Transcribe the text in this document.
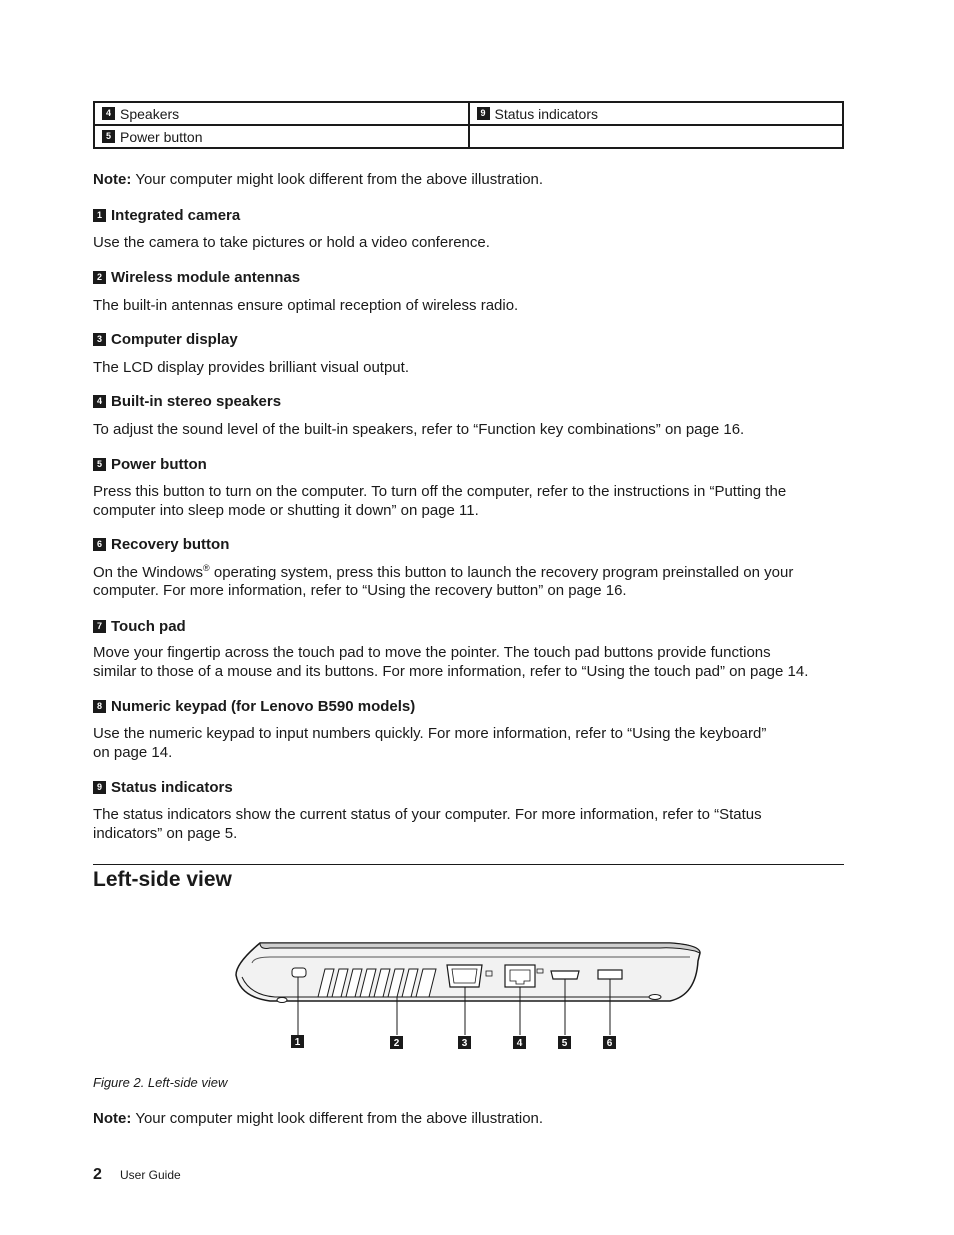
4 Speakers	9 Status indicators
5 Power button	
Note: Your computer might look different from the above illustration.
1 Integrated camera

Use the camera to take pictures or hold a video conference.

2 Wireless module antennas

The built-in antennas ensure optimal reception of wireless radio.

3 Computer display

The LCD display provides brilliant visual output.

4 Built-in stereo speakers

To adjust the sound level of the built-in speakers, refer to “Function key combinations” on page 16.

5 Power button

Press this button to turn on the computer. To turn off the computer, refer to the instructions in “Putting the

computer into sleep mode or shutting it down” on page 11.

6 Recovery button

On the Windows® operating system, press this button to launch the recovery program preinstalled on your

computer. For more information, refer to “Using the recovery button” on page 16.

7 Touch pad

Move your fingertip across the touch pad to move the pointer. The touch pad buttons provide functions

similar to those of a mouse and its buttons. For more information, refer to “Using the touch pad” on page 14.

8 Numeric keypad (for Lenovo B590 models)

Use the numeric keypad to input numbers quickly. For more information, refer to “Using the keyboard”

on page 14.

9 Status indicators

The status indicators show the current status of your computer. For more information, refer to “Status

indicators” on page 5.

Left-side view
1	2	3	4	5	6
Figure 2. Left-side view
Note: Your computer might look different from the above illustration.
2 User Guide
